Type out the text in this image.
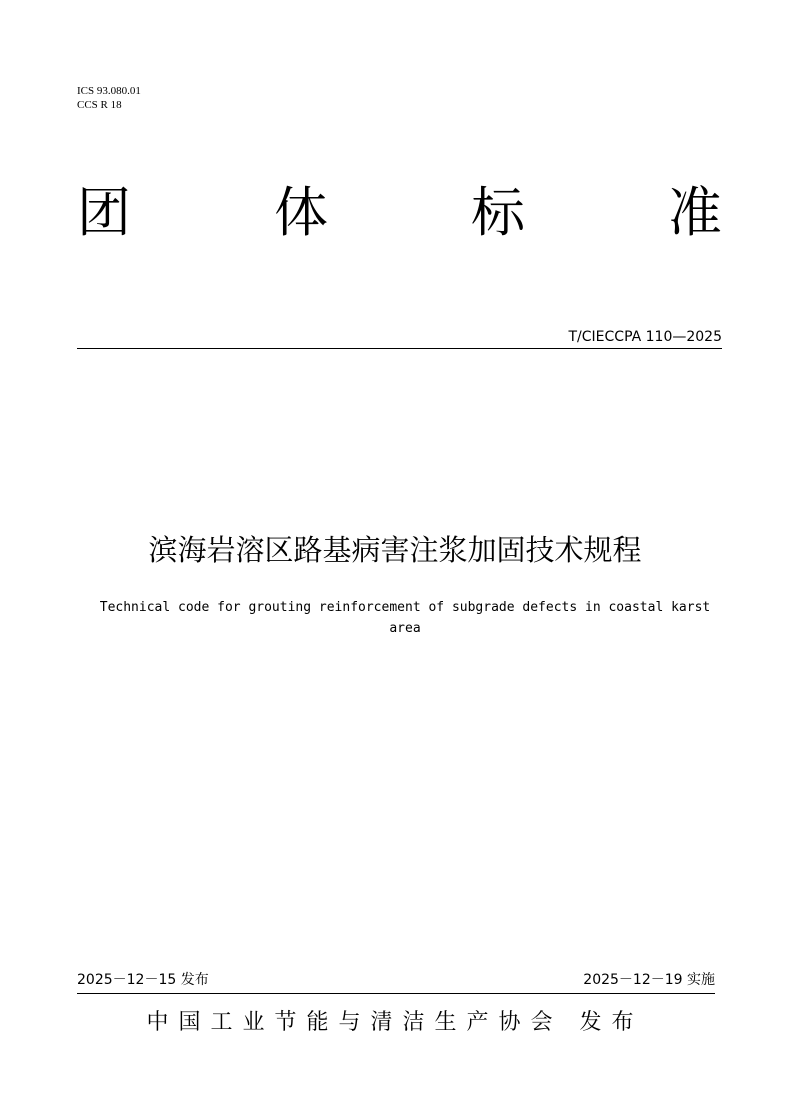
ICS 93.080.01
CCS R 18
团	体	标	准
T/CIECCPA 110—2025
滨海岩溶区路基病害注浆加固技术规程
Technical code for grouting reinforcement of subgrade defects in coastal karst area
2025－12－15 发布	2025－12－19 实施
中国工业节能与清洁生产协会 发布
